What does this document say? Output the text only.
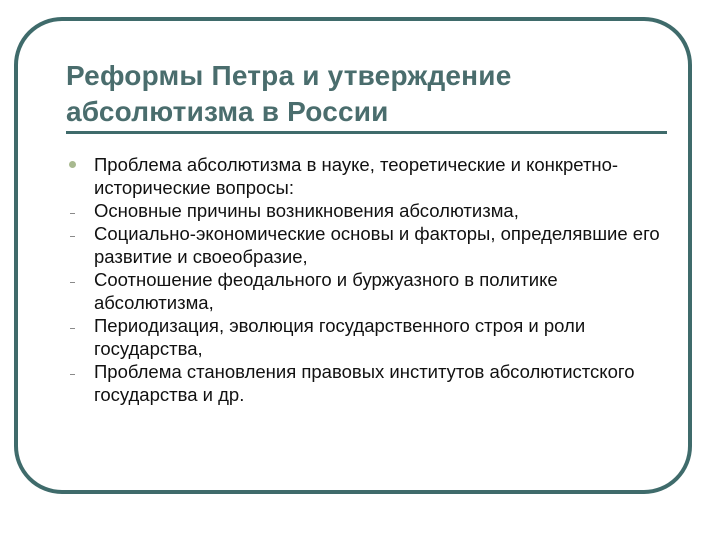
Реформы Петра и утверждение
абсолютизма в России
Проблема абсолютизма в науке, теоретические и конкретно-исторические вопросы:
Основные причины возникновения абсолютизма,
Социально-экономические основы и факторы, определявшие его развитие и своеобразие,
Соотношение феодального и буржуазного в политике абсолютизма,
Периодизация, эволюция государственного строя и роли государства,
Проблема становления правовых институтов абсолютистского государства и др.
